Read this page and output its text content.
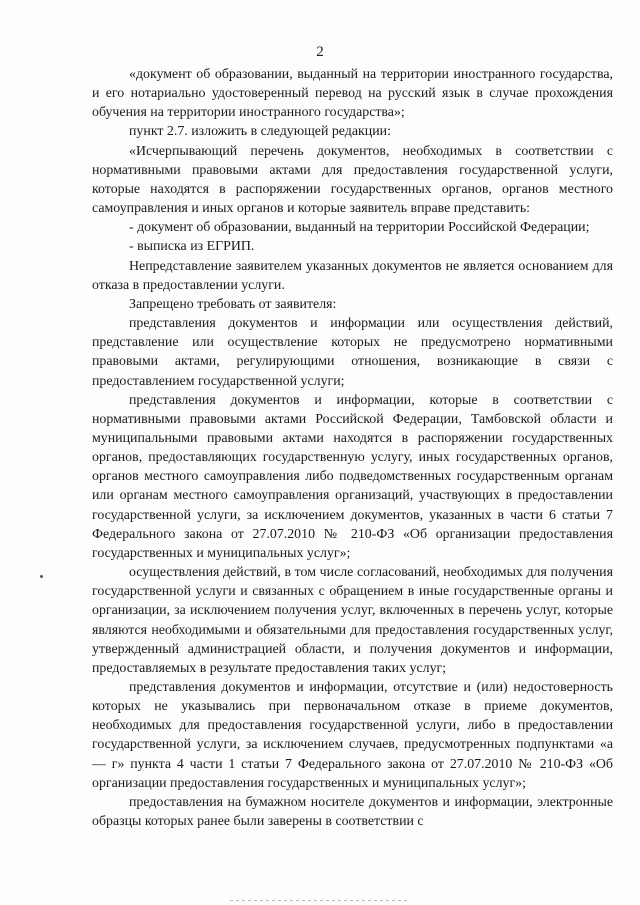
2

«документ об образовании, выданный на территории иностранного государства, и его нотариально удостоверенный перевод на русский язык в случае прохождения обучения на территории иностранного государства»;

пункт 2.7. изложить в следующей редакции:

«Исчерпывающий перечень документов, необходимых в соответствии с нормативными правовыми актами для предоставления государственной услуги, которые находятся в распоряжении государственных органов, органов местного самоуправления и иных органов и которые заявитель вправе представить:

- документ об образовании, выданный на территории Российской Федерации;

- выписка из ЕГРИП.

Непредставление заявителем указанных документов не является основанием для отказа в предоставлении услуги.

Запрещено требовать от заявителя:

представления документов и информации или осуществления действий, представление или осуществление которых не предусмотрено нормативными правовыми актами, регулирующими отношения, возникающие в связи с предоставлением государственной услуги;

представления документов и информации, которые в соответствии с нормативными правовыми актами Российской Федерации, Тамбовской области и муниципальными правовыми актами находятся в распоряжении государственных органов, предоставляющих государственную услугу, иных государственных органов, органов местного самоуправления либо подведомственных государственным органам или органам местного самоуправления организаций, участвующих в предоставлении государственной услуги, за исключением документов, указанных в части 6 статьи 7 Федерального закона от 27.07.2010 № 210-ФЗ «Об организации предоставления государственных и муниципальных услуг»;

осуществления действий, в том числе согласований, необходимых для получения государственной услуги и связанных с обращением в иные государственные органы и организации, за исключением получения услуг, включенных в перечень услуг, которые являются необходимыми и обязательными для предоставления государственных услуг, утвержденный администрацией области, и получения документов и информации, предоставляемых в результате предоставления таких услуг;

представления документов и информации, отсутствие и (или) недостоверность которых не указывались при первоначальном отказе в приеме документов, необходимых для предоставления государственной услуги, либо в предоставлении государственной услуги, за исключением случаев, предусмотренных подпунктами «а — г» пункта 4 части 1 статьи 7 Федерального закона от 27.07.2010 № 210-ФЗ «Об организации предоставления государственных и муниципальных услуг»;

предоставления на бумажном носителе документов и информации, электронные образцы которых ранее были заверены в соответствии с
